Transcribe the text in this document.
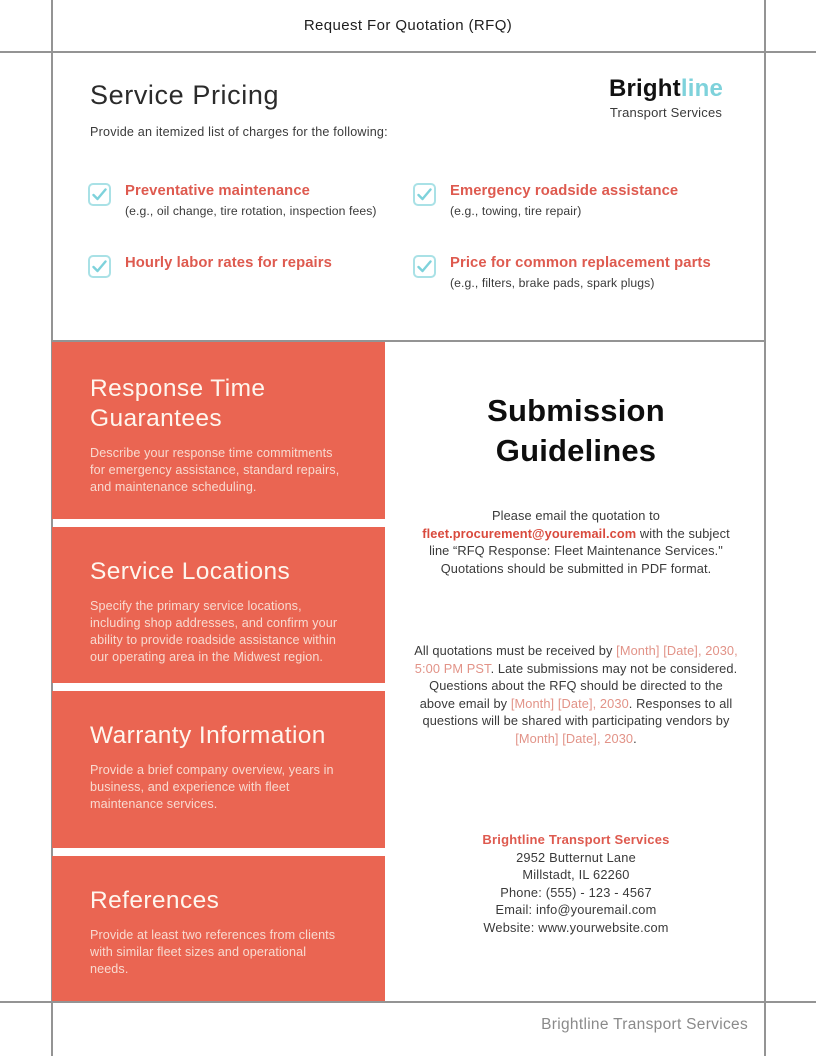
Request For Quotation (RFQ)
Service Pricing	Brightline
Transport Services

Provide an itemized list of charges for the following:

Preventative maintenance
(e.g., oil change, tire rotation, inspection fees)
Emergency roadside assistance
(e.g., towing, tire repair)
Hourly labor rates for repairs	Price for common replacement parts
(e.g., filters, brake pads, spark plugs)
Response Time Guarantees

Describe your response time commitments for emergency assistance, standard repairs, and maintenance scheduling.

Service Locations

Specify the primary service locations, including shop addresses, and confirm your ability to provide roadside assistance within our operating area in the Midwest region.

Warranty Information

Provide a brief company overview, years in business, and experience with fleet maintenance services.

References

Provide at least two references from clients with similar fleet sizes and operational needs.

Submission Guidelines

Please email the quotation to fleet.procurement@youremail.com with the subject line “RFQ Response: Fleet Maintenance Services." Quotations should be submitted in PDF format.

All quotations must be received by [Month] [Date], 2030, 5:00 PM PST. Late submissions may not be considered. Questions about the RFQ should be directed to the above email by [Month] [Date], 2030. Responses to all questions will be shared with participating vendors by [Month] [Date], 2030.

Brightline Transport Services
2952 Butternut Lane
Millstadt, IL 62260
Phone: (555) - 123 - 4567
Email: info@youremail.com
Website: www.yourwebsite.com
Brightline Transport Services
